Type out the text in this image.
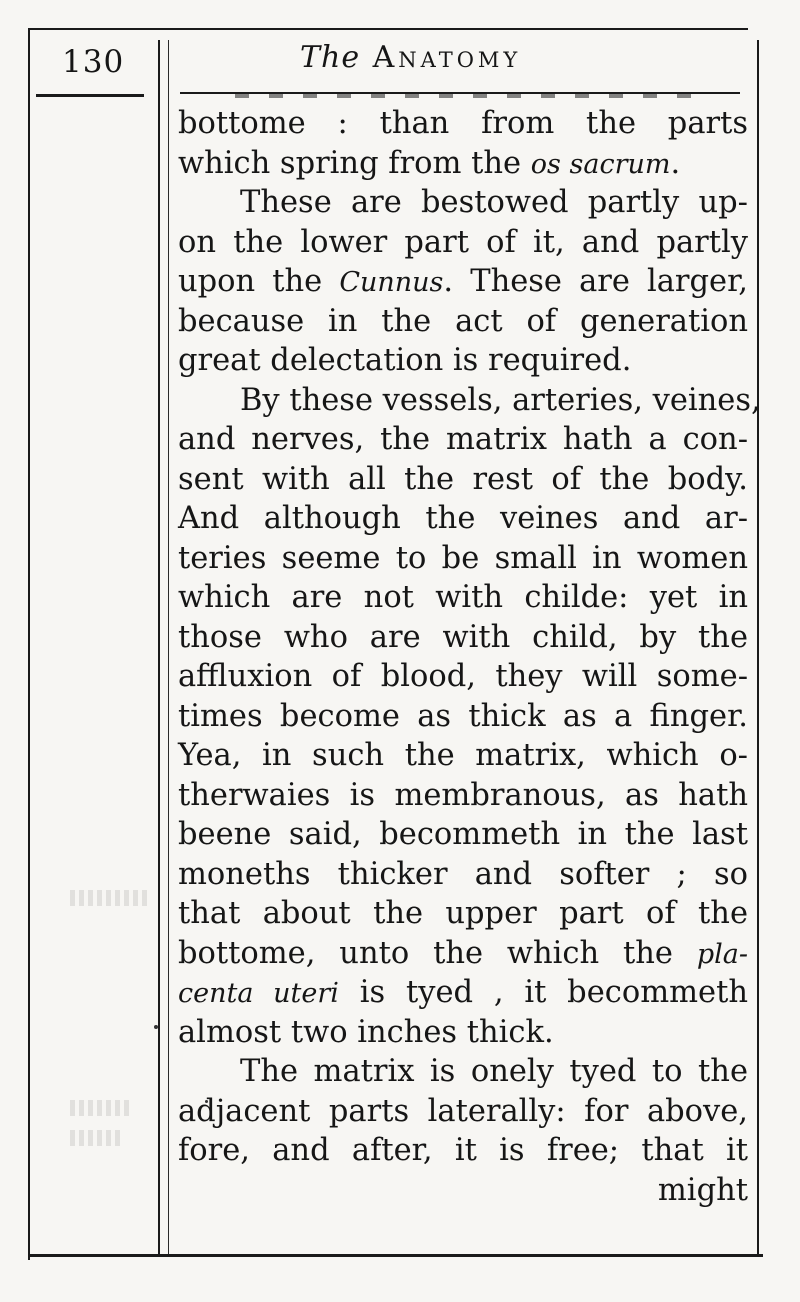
130	The Anatomy
bottome : than from the parts
which spring from the os sacrum.
These are bestowed partly up-
on the lower part of it, and partly
upon the Cunnus. These are larger,
because in the act of generation
great delectation is required.
By these vessels, arteries, veines,
and nerves, the matrix hath a con-
sent with all the rest of the body.
And although the veines and ar-
teries seeme to be small in women
which are not with childe: yet in
those who are with child, by the
affluxion of blood, they will some-
times become as thick as a finger.
Yea, in such the matrix, which o-
therwaies is membranous, as hath
beene said, becommeth in the last
moneths thicker and softer ; so
that about the upper part of the
bottome, unto the which the pla-
centa uteri is tyed , it becommeth
almost two inches thick.
The matrix is onely tyed to the
adjacent parts laterally: for above,
fore, and after, it is free; that it
might
